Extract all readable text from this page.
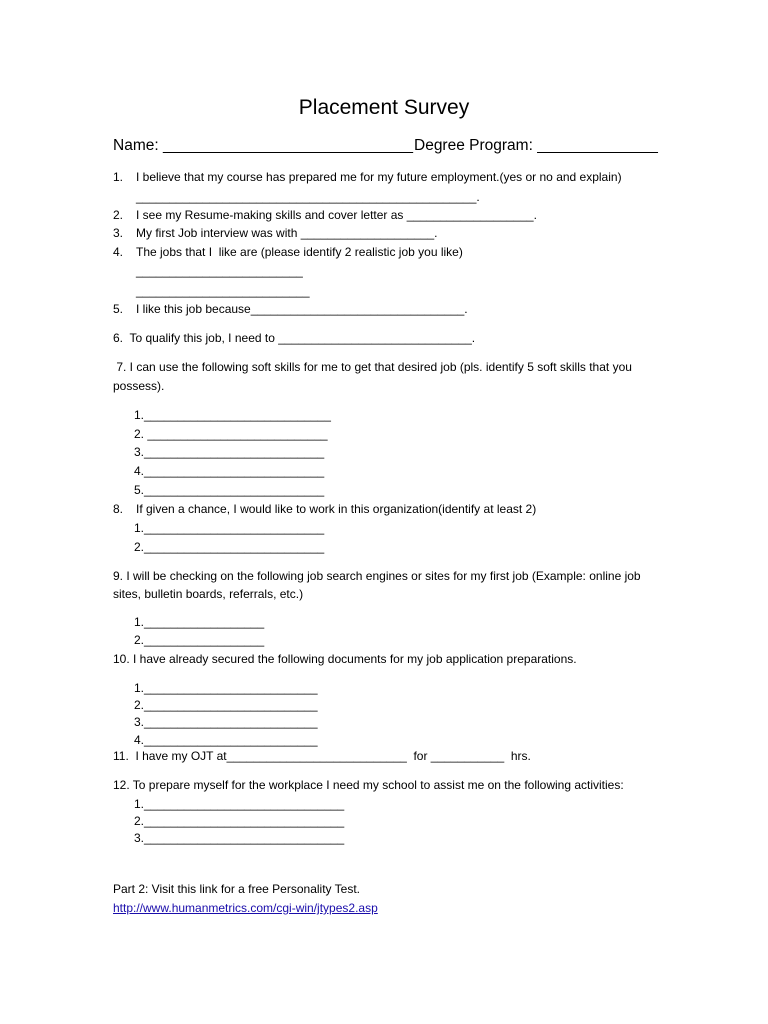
Placement Survey
Name: _____________________________ Degree Program: ______________
1. I believe that my course has prepared me for my future employment.(yes or no and explain)
___________________________________________________.
2. I see my Resume-making skills and cover letter as ___________________.
3. My first Job interview was with ____________________.
4. The jobs that I  like are (please identify 2 realistic job you like)
_________________________
__________________________
5. I like this job because________________________________.
6.  To qualify this job, I need to _____________________________.
7. I can use the following soft skills for me to get that desired job (pls. identify 5 soft skills that you
possess).
1.____________________________
2. ___________________________
3.___________________________
4.___________________________
5.___________________________
8. If given a chance, I would like to work in this organization(identify at least 2)
1.___________________________
2.___________________________
9. I will be checking on the following job search engines or sites for my first job (Example: online job
sites, bulletin boards, referrals, etc.)
1.__________________
2.__________________
10. I have already secured the following documents for my job application preparations.
1.__________________________
2.__________________________
3.__________________________
4.__________________________
11.  I have my OJT at___________________________  for ___________  hrs.
12. To prepare myself for the workplace I need my school to assist me on the following activities:
1.______________________________
2.______________________________
3.______________________________
Part 2: Visit this link for a free Personality Test.
http://www.humanmetrics.com/cgi-win/jtypes2.asp
